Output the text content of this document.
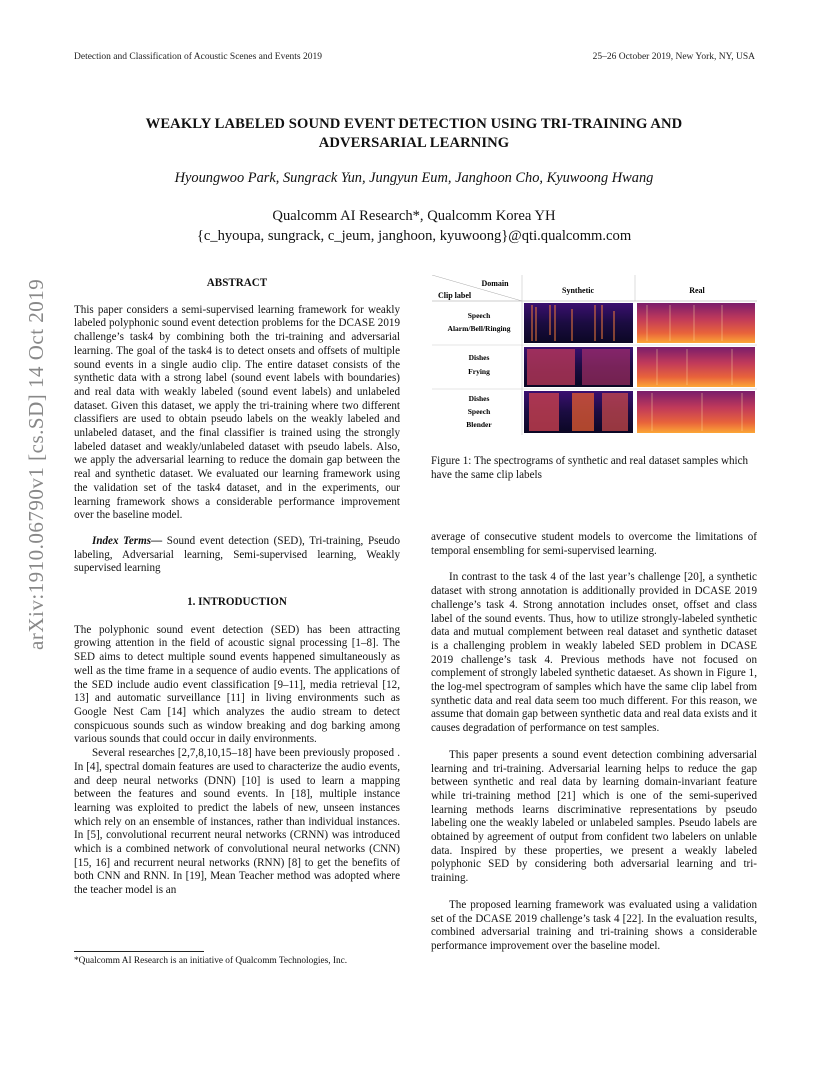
Detection and Classification of Acoustic Scenes and Events 2019	25–26 October 2019, New York, NY, USA
arXiv:1910.06790v1 [cs.SD] 14 Oct 2019
WEAKLY LABELED SOUND EVENT DETECTION USING TRI-TRAINING AND
ADVERSARIAL LEARNING
Hyoungwoo Park, Sungrack Yun, Jungyun Eum, Janghoon Cho, Kyuwoong Hwang
Qualcomm AI Research*, Qualcomm Korea YH
{c_hyoupa, sungrack, c_jeum, janghoon, kyuwoong}@qti.qualcomm.com
ABSTRACT

This paper considers a semi-supervised learning framework for weakly labeled polyphonic sound event detection problems for the DCASE 2019 challenge’s task4 by combining both the tri-training and adversarial learning. The goal of the task4 is to detect onsets and offsets of multiple sound events in a single audio clip. The entire dataset consists of the synthetic data with a strong label (sound event labels with boundaries) and real data with weakly labeled (sound event labels) and unlabeled dataset. Given this dataset, we apply the tri-training where two different classifiers are used to obtain pseudo labels on the weakly labeled and unlabeled dataset, and the final classifier is trained using the strongly labeled dataset and weakly/unlabeled dataset with pseudo labels. Also, we apply the adversarial learning to reduce the domain gap between the real and synthetic dataset. We evaluated our learning framework using the validation set of the task4 dataset, and in the experiments, our learning framework shows a considerable performance improvement over the baseline model.

Index Terms— Sound event detection (SED), Tri-training, Pseudo labeling, Adversarial learning, Semi-supervised learning, Weakly supervised learning

1. INTRODUCTION

The polyphonic sound event detection (SED) has been attracting growing attention in the field of acoustic signal processing [1–8]. The SED aims to detect multiple sound events happened simultaneously as well as the time frame in a sequence of audio events. The applications of the SED include audio event classification [9–11], media retrieval [12, 13] and automatic surveillance [11] in living environments such as Google Nest Cam [14] which analyzes the audio stream to detect conspicuous sounds such as window breaking and dog barking among various sounds that could occur in daily environments.

Several researches [2,7,8,10,15–18] have been previously proposed . In [4], spectral domain features are used to characterize the audio events, and deep neural networks (DNN) [10] is used to learn a mapping between the features and sound events. In [18], multiple instance learning was exploited to predict the labels of new, unseen instances which rely on an ensemble of instances, rather than individual instances. In [5], convolutional recurrent neural networks (CRNN) was introduced which is a combined network of convolutional neural networks (CNN) [15, 16] and recurrent neural networks (RNN) [8] to get the benefits of both CNN and RNN. In [19], Mean Teacher method was adopted where the teacher model is an

Domain
Clip label
Synthetic	Real
Speech
Alarm/Bell/Ringing
Dishes
Frying
Dishes
Speech
Blender
Figure 1: The spectrograms of synthetic and real dataset samples which have the same clip labels

average of consecutive student models to overcome the limitations of temporal ensembling for semi-supervised learning.

In contrast to the task 4 of the last year’s challenge [20], a synthetic dataset with strong annotation is additionally provided in DCASE 2019 challenge’s task 4. Strong annotation includes onset, offset and class label of the sound events. Thus, how to utilize strongly-labeled synthetic data and mutual complement between real dataset and synthetic dataset is a challenging problem in weakly labeled SED problem in DCASE 2019 challenge’s task 4. Previous methods have not focused on complement of strongly labeled synthetic dataeset. As shown in Figure 1, the log-mel spectrogram of samples which have the same clip label from synthetic data and real data seem too much different. For this reason, we assume that domain gap between synthetic data and real data exists and it causes degradation of performance on test samples.

This paper presents a sound event detection combining adversarial learning and tri-training. Adversarial learning helps to reduce the gap between synthetic and real data by learning domain-invariant feature while tri-training method [21] which is one of the semi-superived learning methods learns discriminative representations by pseudo labeling one the weakly labeled or unlabeled samples. Pseudo labels are obtained by agreement of output from confident two labelers on unlable data. Inspired by these properties, we present a weakly labeled polyphonic SED by considering both adversarial learning and tri-training.

The proposed learning framework was evaluated using a validation set of the DCASE 2019 challenge’s task 4 [22]. In the evaluation results, combined adversarial training and tri-training shows a considerable performance improvement over the baseline model.

*Qualcomm AI Research is an initiative of Qualcomm Technologies, Inc.
